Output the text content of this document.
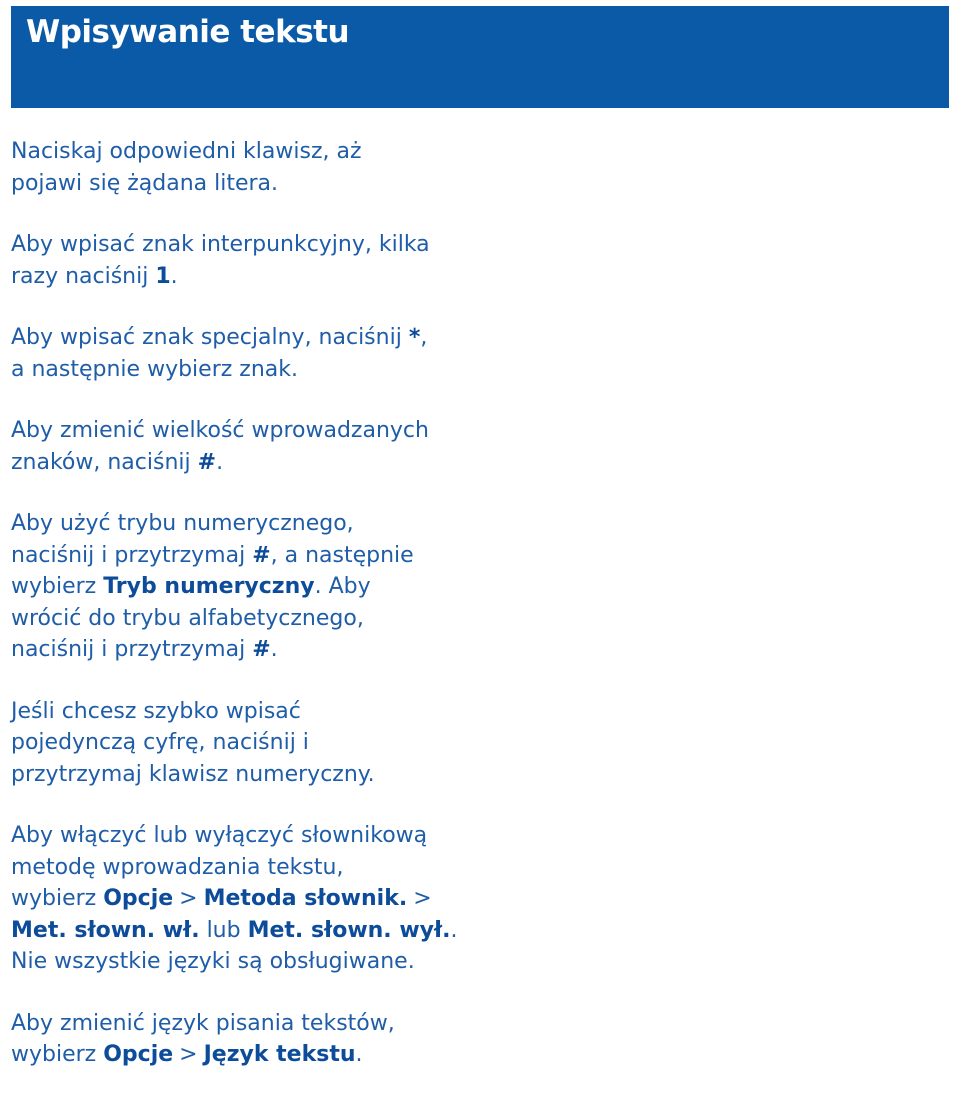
Wpisywanie tekstu

Naciskaj odpowiedni klawisz, aż
pojawi się żądana litera.

Aby wpisać znak interpunkcyjny, kilka
razy naciśnij 1.

Aby wpisać znak specjalny, naciśnij *,
a następnie wybierz znak.

Aby zmienić wielkość wprowadzanych
znaków, naciśnij #.

Aby użyć trybu numerycznego,
naciśnij i przytrzymaj #, a następnie
wybierz Tryb numeryczny. Aby
wrócić do trybu alfabetycznego,
naciśnij i przytrzymaj #.

Jeśli chcesz szybko wpisać
pojedynczą cyfrę, naciśnij i
przytrzymaj klawisz numeryczny.

Aby włączyć lub wyłączyć słownikową
metodę wprowadzania tekstu,
wybierz Opcje > Metoda słownik. >
Met. słown. wł. lub Met. słown. wył..
Nie wszystkie języki są obsługiwane.

Aby zmienić język pisania tekstów,
wybierz Opcje > Język tekstu.
